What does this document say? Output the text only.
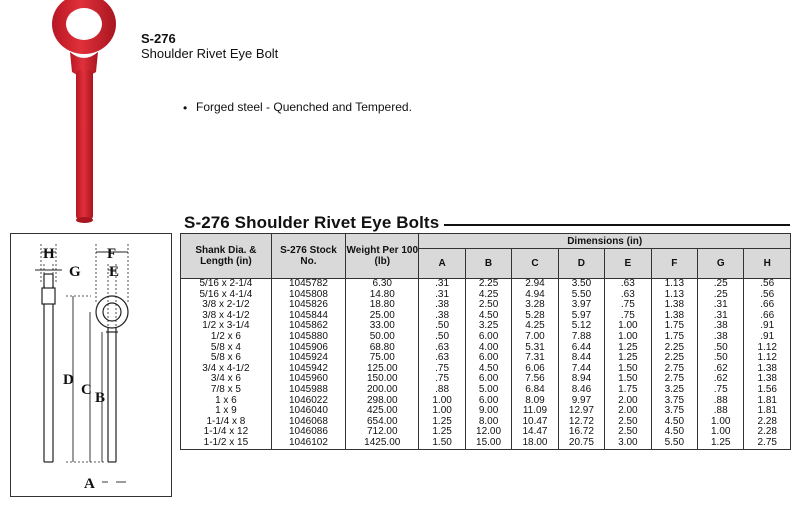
S-276
Shoulder Rivet Eye Bolt
• Forged steel - Quenched and Tempered.
S-276 Shoulder Rivet Eye Bolts
H
G
F
E
D
C B
A
Shank Dia. & Length (in)	S-276 Stock No.	Weight Per 100 (lb)	Dimensions (in)							
			A	B	C	D	E	F	G	H
5/16 x 2-1/4	1045782	6.30	.31	2.25	2.94	3.50	.63	1.13	.25	.56
5/16 x 4-1/4	1045808	14.80	.31	4.25	4.94	5.50	.63	1.13	.25	.56
3/8 x 2-1/2	1045826	18.80	.38	2.50	3.28	3.97	.75	1.38	.31	.66
3/8 x 4-1/2	1045844	25.00	.38	4.50	5.28	5.97	.75	1.38	.31	.66
1/2 x 3-1/4	1045862	33.00	.50	3.25	4.25	5.12	1.00	1.75	.38	.91
1/2 x 6	1045880	50.00	.50	6.00	7.00	7.88	1.00	1.75	.38	.91
5/8 x 4	1045906	68.80	.63	4.00	5.31	6.44	1.25	2.25	.50	1.12
5/8 x 6	1045924	75.00	.63	6.00	7.31	8.44	1.25	2.25	.50	1.12
3/4 x 4-1/2	1045942	125.00	.75	4.50	6.06	7.44	1.50	2.75	.62	1.38
3/4 x 6	1045960	150.00	.75	6.00	7.56	8.94	1.50	2.75	.62	1.38
7/8 x 5	1045988	200.00	.88	5.00	6.84	8.46	1.75	3.25	.75	1.56
1 x 6	1046022	298.00	1.00	6.00	8.09	9.97	2.00	3.75	.88	1.81
1 x 9	1046040	425.00	1.00	9.00	11.09	12.97	2.00	3.75	.88	1.81
1-1/4 x 8	1046068	654.00	1.25	8.00	10.47	12.72	2.50	4.50	1.00	2.28
1-1/4 x 12	1046086	712.00	1.25	12.00	14.47	16.72	2.50	4.50	1.00	2.28
1-1/2 x 15	1046102	1425.00	1.50	15.00	18.00	20.75	3.00	5.50	1.25	2.75
